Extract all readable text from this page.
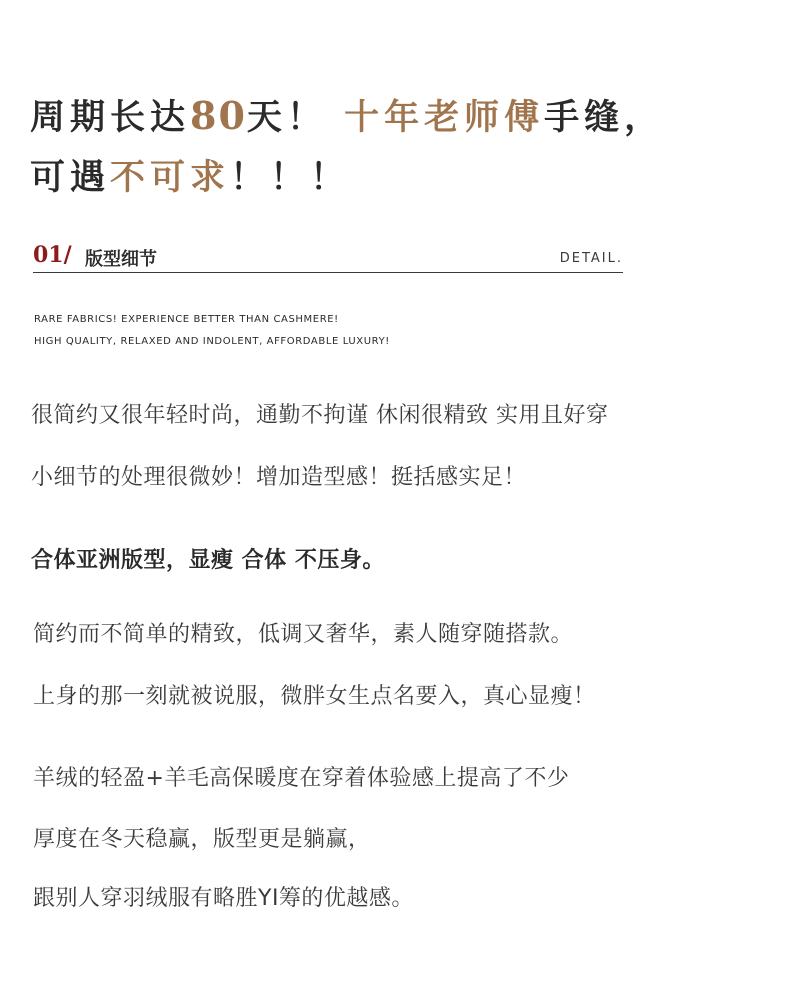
周期长达80天！ 十年老师傅手缝，
可遇不可求！！！
01/ 版型细节	DETAIL.
RARE FABRICS! EXPERIENCE BETTER THAN CASHMERE!
HIGH QUALITY, RELAXED AND INDOLENT, AFFORDABLE LUXURY!
很简约又很年轻时尚，通勤不拘谨 休闲很精致 实用且好穿
小细节的处理很微妙！增加造型感！挺括感实足！
合体亚洲版型，显瘦 合体 不压身。
简约而不简单的精致，低调又奢华，素人随穿随搭款。
上身的那一刻就被说服，微胖女生点名要入，真心显瘦！
羊绒的轻盈+羊毛高保暖度在穿着体验感上提高了不少
厚度在冬天稳赢，版型更是躺赢，
跟别人穿羽绒服有略胜YI筹的优越感。
